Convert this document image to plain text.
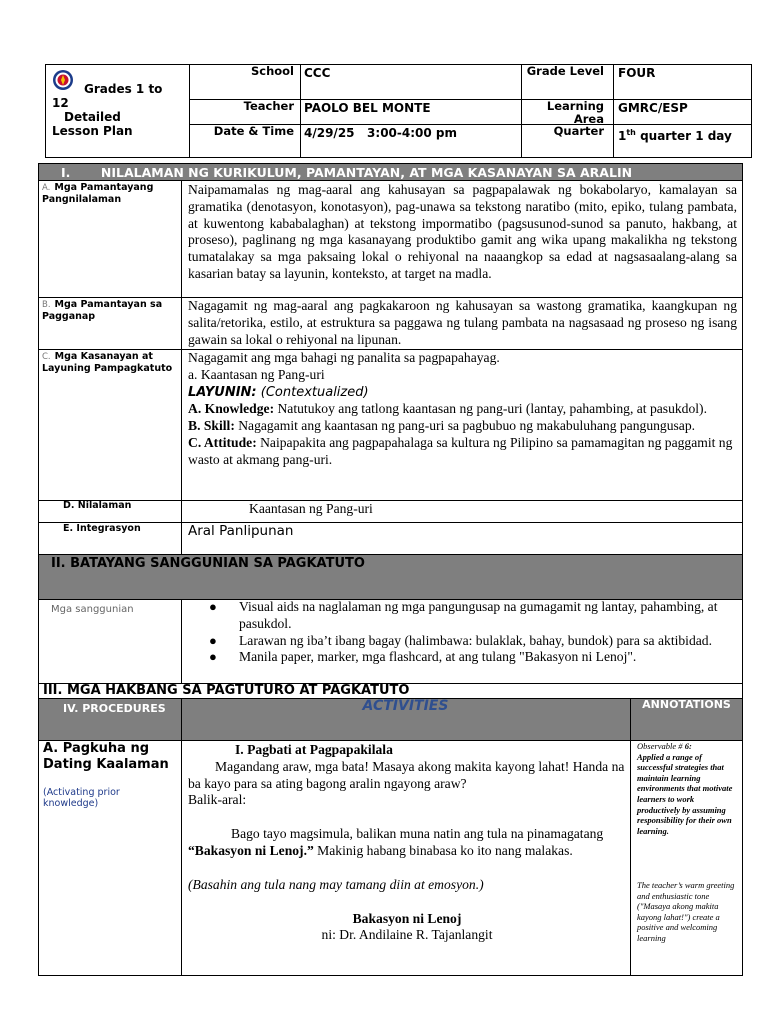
Grades 1 to
12
Detailed
Lesson Plan
School CCC
Teacher PAOLO BEL MONTE
Date & Time 4/29/25   3:00-4:00 pm
Grade Level FOUR
Learning Area
GMRC/ESP
Quarter 1th quarter 1 day
I.       NILALAMAN NG KURIKULUM, PAMANTAYAN, AT MGA KASANAYAN SA ARALIN
A. Mga Pamantayang Pangnilalaman
Naipamamalas ng mag-aaral ang kahusayan sa pagpapalawak ng bokabolaryo, kamalayan sa gramatika (denotasyon, konotasyon), pag-unawa sa tekstong naratibo (mito, epiko, tulang pambata, at kuwentong kababalaghan) at tekstong impormatibo (pagsusunod-sunod sa panuto, hakbang, at proseso), paglinang ng mga kasanayang produktibo gamit ang wika upang makalikha ng tekstong tumatalakay sa mga paksaing lokal o rehiyonal na naaangkop sa edad at nagsasaalang-alang sa kasarian batay sa layunin, konteksto, at target na madla.
B. Mga Pamantayan sa Pagganap
Nagagamit ng mag-aaral ang pagkakaroon ng kahusayan sa wastong gramatika, kaangkupan ng salita/retorika, estilo, at estruktura sa paggawa ng tulang pambata na nagsasaad ng proseso ng isang gawain sa lokal o rehiyonal na lipunan.
C. Mga Kasanayan at Layuning Pampagkatuto
Nagagamit ang mga bahagi ng panalita sa pagpapahayag.
a. Kaantasan ng Pang-uri
LAYUNIN: (Contextualized)
A. Knowledge: Natutukoy ang tatlong kaantasan ng pang-uri (lantay, pahambing, at pasukdol).
B. Skill: Nagagamit ang kaantasan ng pang-uri sa pagbubuo ng makabuluhang pangungusap.
C. Attitude: Naipapakita ang pagpapahalaga sa kultura ng Pilipino sa pamamagitan ng paggamit ng wasto at akmang pang-uri.
D. Nilalaman	Kaantasan ng Pang-uri
E. Integrasyon	Aral Panlipunan
II. BATAYANG SANGGUNIAN SA PAGKATUTO
Mga sanggunian
●	Visual aids na naglalaman ng mga pangungusap na gumagamit ng lantay, pahambing, at pasukdol.
● Larawan ng iba’t ibang bagay (halimbawa: bulaklak, bahay, bundok) para sa aktibidad.
● Manila paper, marker, mga flashcard, at ang tulang "Bakasyon ni Lenoj".
III. MGA HAKBANG SA PAGTUTURO AT PAGKATUTO
IV. PROCEDURES	ACTIVITIES	ANNOTATIONS
A. Pagkuha ng Dating Kaalaman
(Activating prior knowledge)
I. Pagbati at Pagpapakilala
Magandang araw, mga bata! Masaya akong makita kayong lahat! Handa na ba kayo para sa ating bagong aralin ngayong araw?
Balik-aral:
Bago tayo magsimula, balikan muna natin ang tula na pinamagatang “Bakasyon ni Lenoj.” Makinig habang binabasa ko ito nang malakas.
(Basahin ang tula nang may tamang diin at emosyon.)
Bakasyon ni Lenoj
ni: Dr. Andilaine R. Tajanlangit
Observable # 6:
Applied a range of successful strategies that maintain learning environments that motivate learners to work productively by assuming responsibility for their own learning.
The teacher’s warm greeting and enthusiastic tone ("Masaya akong makita kayong lahat!") create a positive and welcoming learning
